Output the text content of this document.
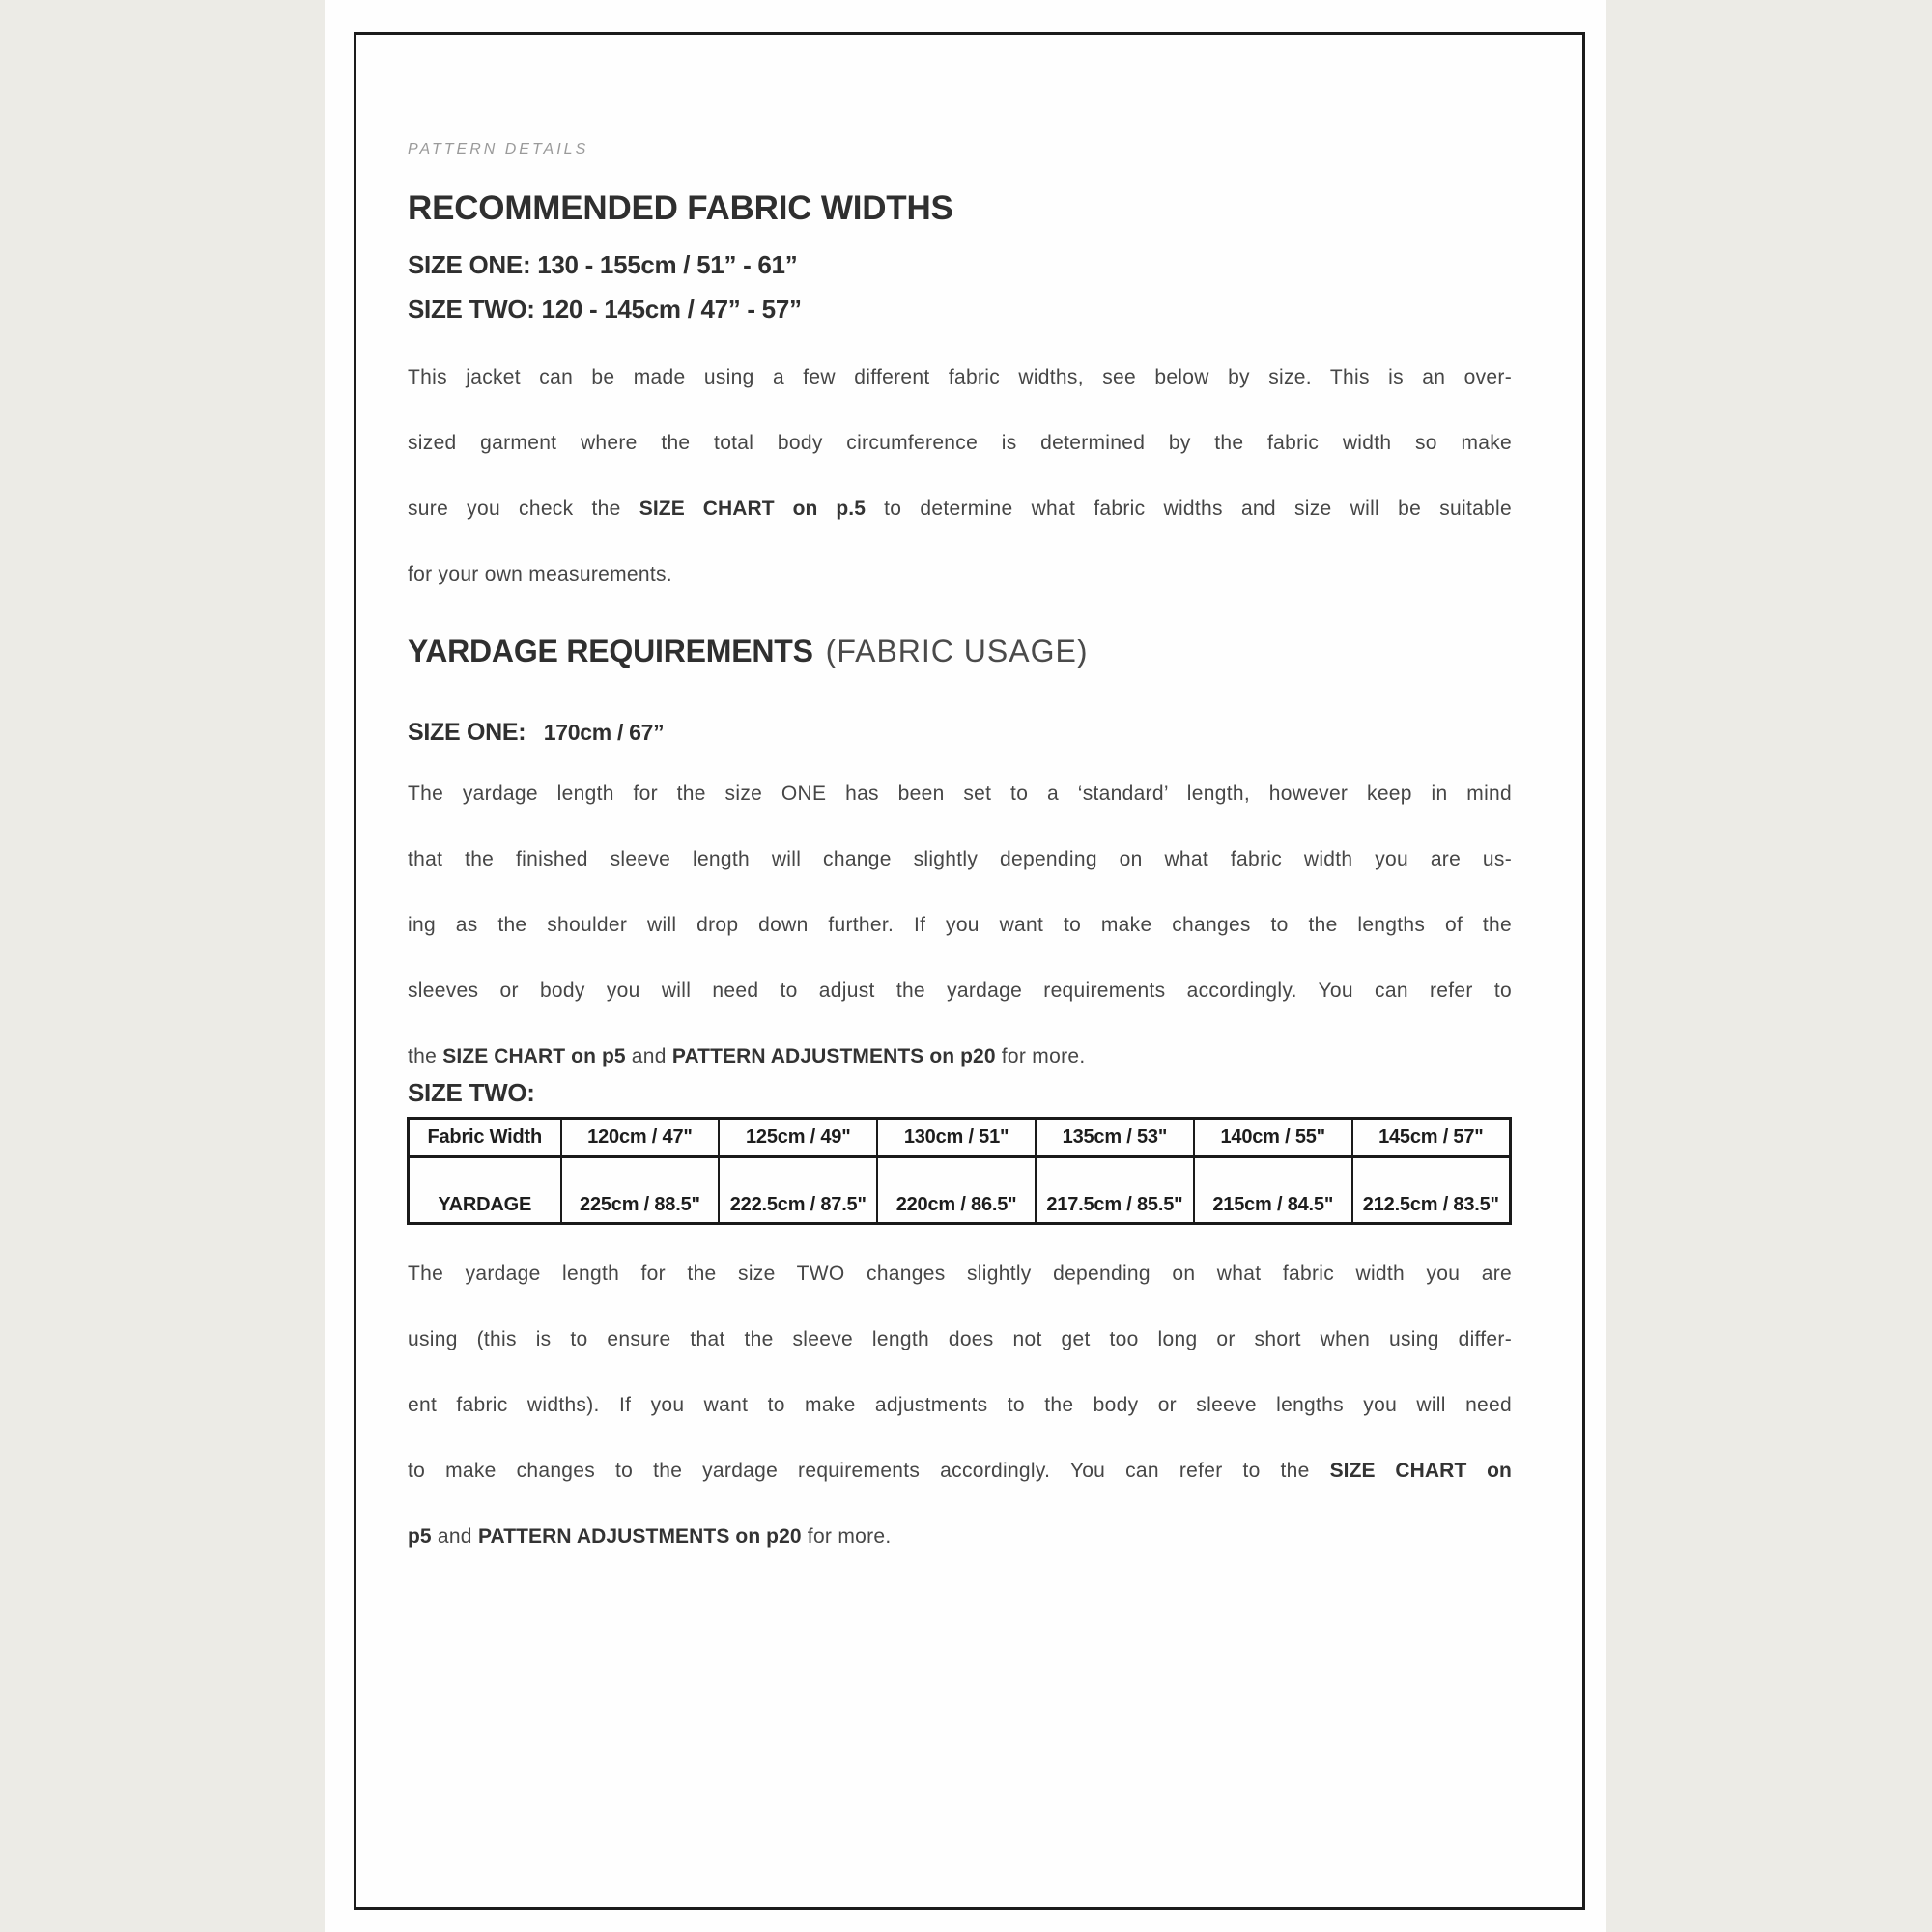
PATTERN DETAILS
RECOMMENDED FABRIC WIDTHS
SIZE ONE: 130 - 155cm / 51” - 61”
SIZE TWO: 120 - 145cm / 47” - 57”
This jacket can be made using a few different fabric widths, see below by size. This is an over-
sized garment where the total body circumference is determined by the fabric width so make
sure you check the SIZE CHART on p.5 to determine what fabric widths and size will be suitable
for your own measurements.
YARDAGE REQUIREMENTS (FABRIC USAGE)
SIZE ONE: 170cm / 67”
The yardage length for the size ONE has been set to a ‘standard’ length, however keep in mind
that the finished sleeve length will change slightly depending on what fabric width you are us-
ing as the shoulder will drop down further. If you want to make changes to the lengths of the
sleeves or body you will need to adjust the yardage requirements accordingly. You can refer to
the SIZE CHART on p5 and PATTERN ADJUSTMENTS on p20 for more.
SIZE TWO:
Fabric Width	120cm / 47"	125cm / 49"	130cm / 51"	135cm / 53"	140cm / 55"	145cm / 57"
YARDAGE	225cm / 88.5"	222.5cm / 87.5"	220cm / 86.5"	217.5cm / 85.5"	215cm / 84.5"	212.5cm / 83.5"
The yardage length for the size TWO changes slightly depending on what fabric width you are
using (this is to ensure that the sleeve length does not get too long or short when using differ-
ent fabric widths). If you want to make adjustments to the body or sleeve lengths you will need
to make changes to the yardage requirements accordingly. You can refer to the SIZE CHART on
p5 and PATTERN ADJUSTMENTS on p20 for more.
